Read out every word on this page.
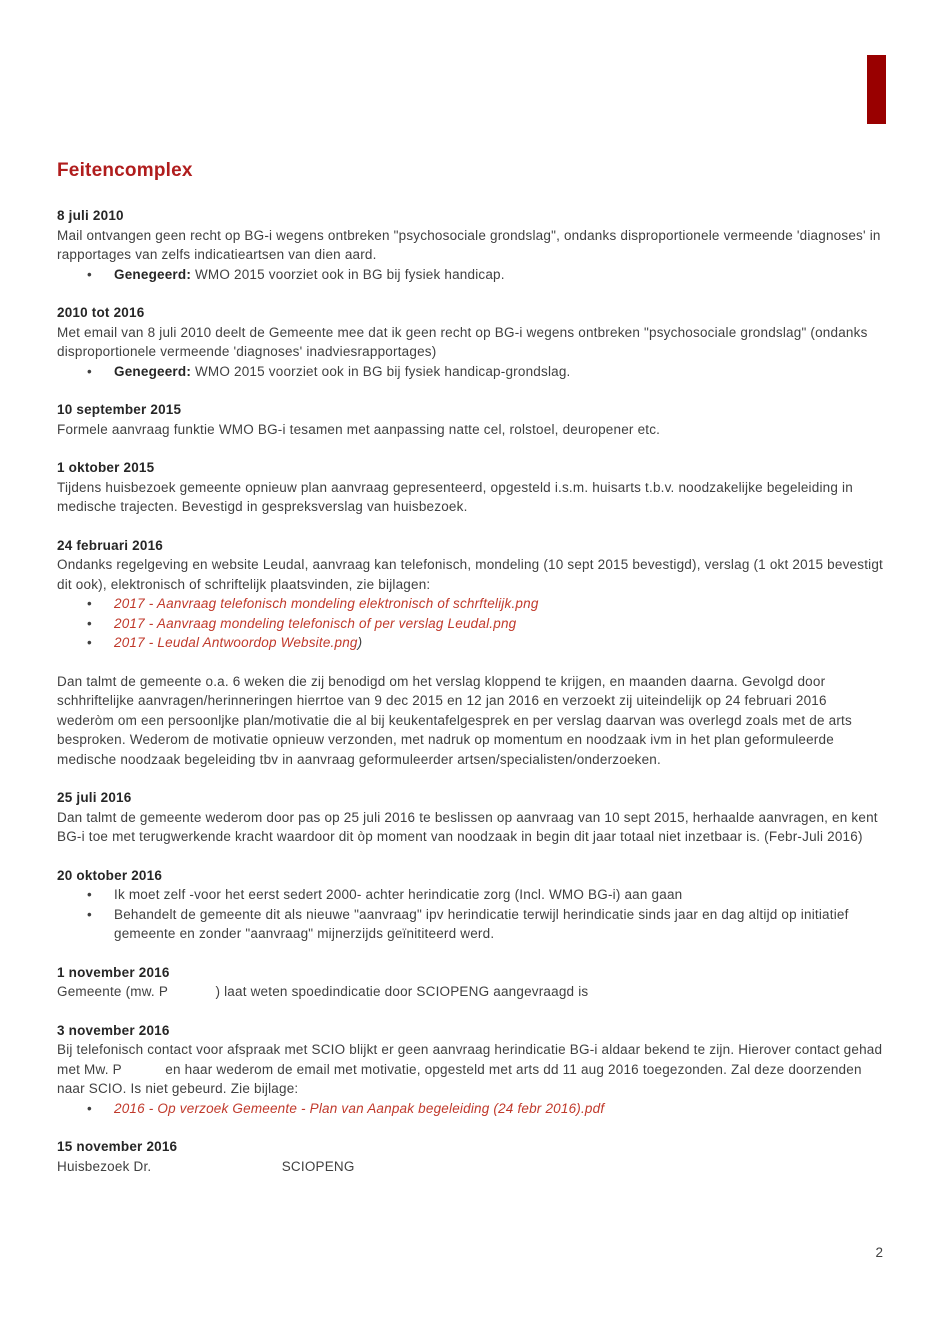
Feitencomplex
8 juli 2010

Mail ontvangen geen recht op BG-i wegens ontbreken "psychosociale grondslag", ondanks disproportionele vermeende 'diagnoses' in rapportages van zelfs indicatieartsen van dien aard.

• Genegeerd: WMO 2015 voorziet ook in BG bij fysiek handicap.
2010 tot 2016

Met email van 8 juli 2010 deelt de Gemeente mee dat ik geen recht op BG-i wegens ontbreken "psychosociale grondslag" (ondanks disproportionele vermeende 'diagnoses' inadviesrapportages)

• Genegeerd: WMO 2015 voorziet ook in BG bij fysiek handicap-grondslag.
10 september 2015

Formele aanvraag funktie WMO BG-i tesamen met aanpassing natte cel, rolstoel, deuropener etc.

1 oktober 2015

Tijdens huisbezoek gemeente opnieuw plan aanvraag gepresenteerd, opgesteld i.s.m. huisarts t.b.v. noodzakelijke begeleiding in medische trajecten. Bevestigd in gespreksverslag van huisbezoek.

24 februari 2016

Ondanks regelgeving en website Leudal, aanvraag kan telefonisch, mondeling (10 sept 2015 bevestigd), verslag (1 okt 2015 bevestigt dit ook), elektronisch of schriftelijk plaatsvinden, zie bijlagen:

• 2017 - Aanvraag telefonisch mondeling elektronisch of schrftelijk.png
• 2017 - Aanvraag mondeling telefonisch of per verslag Leudal.png
• 2017 - Leudal Antwoordop Website.png)

Dan talmt de gemeente o.a. 6 weken die zij benodigd om het verslag kloppend te krijgen, en maanden daarna. Gevolgd door schhriftelijke aanvragen/herinneringen hierrtoe van 9 dec 2015 en 12 jan 2016 en verzoekt zij uiteindelijk op 24 februari 2016 wederòm om een persoonljke plan/motivatie die al bij keukentafelgesprek en per verslag daarvan was overlegd zoals met de arts besproken. Wederom de motivatie opnieuw verzonden, met nadruk op momentum en noodzaak ivm in het plan geformuleerde medische noodzaak begeleiding tbv in aanvraag geformuleerder artsen/specialisten/onderzoeken.

25 juli 2016

Dan talmt de gemeente wederom door pas op 25 juli 2016 te beslissen op aanvraag van 10 sept 2015, herhaalde aanvragen, en kent BG-i toe met terugwerkende kracht waardoor dit òp moment van noodzaak in begin dit jaar totaal niet inzetbaar is. (Febr-Juli 2016)

20 oktober 2016
• Ik moet zelf -voor het eerst sedert 2000- achter herindicatie zorg (Incl. WMO BG-i) aan gaan
• Behandelt de gemeente dit als nieuwe "aanvraag" ipv herindicatie terwijl herindicatie sinds jaar en dag altijd op initiatief gemeente en zonder "aanvraag" mijnerzijds geïnititeerd werd.
1 november 2016

Gemeente (mw. P            ) laat weten spoedindicatie door SCIOPENG aangevraagd is

3 november 2016

Bij telefonisch contact voor afspraak met SCIO blijkt er geen aanvraag herindicatie BG-i aldaar bekend te zijn. Hierover contact gehad met Mw. P           en haar wederom de email met motivatie, opgesteld met arts dd 11 aug 2016 toegezonden. Zal deze doorzenden naar SCIO. Is niet gebeurd. Zie bijlage:

• 2016 - Op verzoek Gemeente - Plan van Aanpak begeleiding (24 febr 2016).pdf
15 november 2016

Huisbezoek Dr.                                 SCIOPENG

2
